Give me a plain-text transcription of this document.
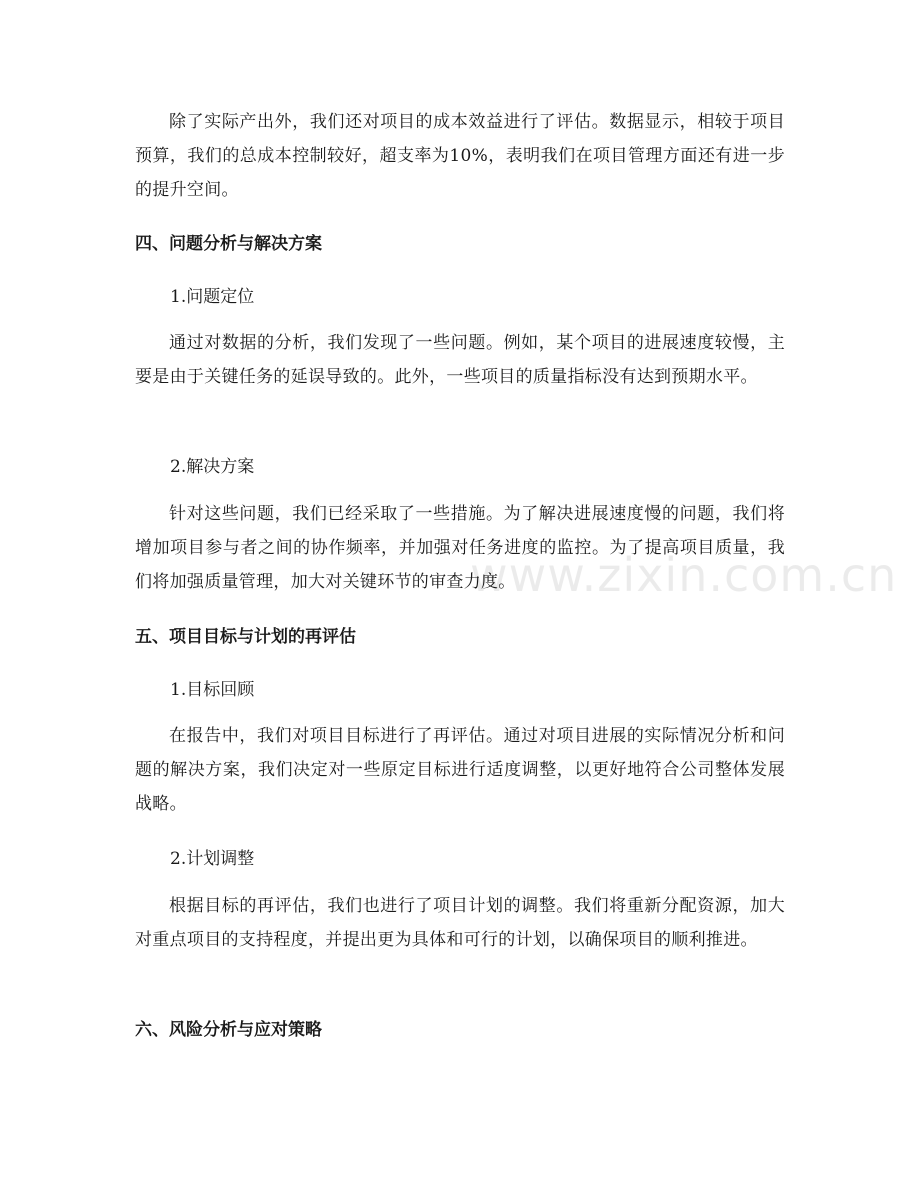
除了实际产出外，我们还对项目的成本效益进行了评估。数据显示，相较于项目预算，我们的总成本控制较好，超支率为10%，表明我们在项目管理方面还有进一步的提升空间。

四、问题分析与解决方案
1.问题定位

通过对数据的分析，我们发现了一些问题。例如，某个项目的进展速度较慢，主要是由于关键任务的延误导致的。此外，一些项目的质量指标没有达到预期水平。

2.解决方案

针对这些问题，我们已经采取了一些措施。为了解决进展速度慢的问题，我们将增加项目参与者之间的协作频率，并加强对任务进度的监控。为了提高项目质量，我们将加强质量管理，加大对关键环节的审查力度。

五、项目目标与计划的再评估
1.目标回顾

在报告中，我们对项目目标进行了再评估。通过对项目进展的实际情况分析和问题的解决方案，我们决定对一些原定目标进行适度调整，以更好地符合公司整体发展战略。

2.计划调整

根据目标的再评估，我们也进行了项目计划的调整。我们将重新分配资源，加大对重点项目的支持程度，并提出更为具体和可行的计划，以确保项目的顺利推进。

六、风险分析与应对策略
www.zixin.com.cn
